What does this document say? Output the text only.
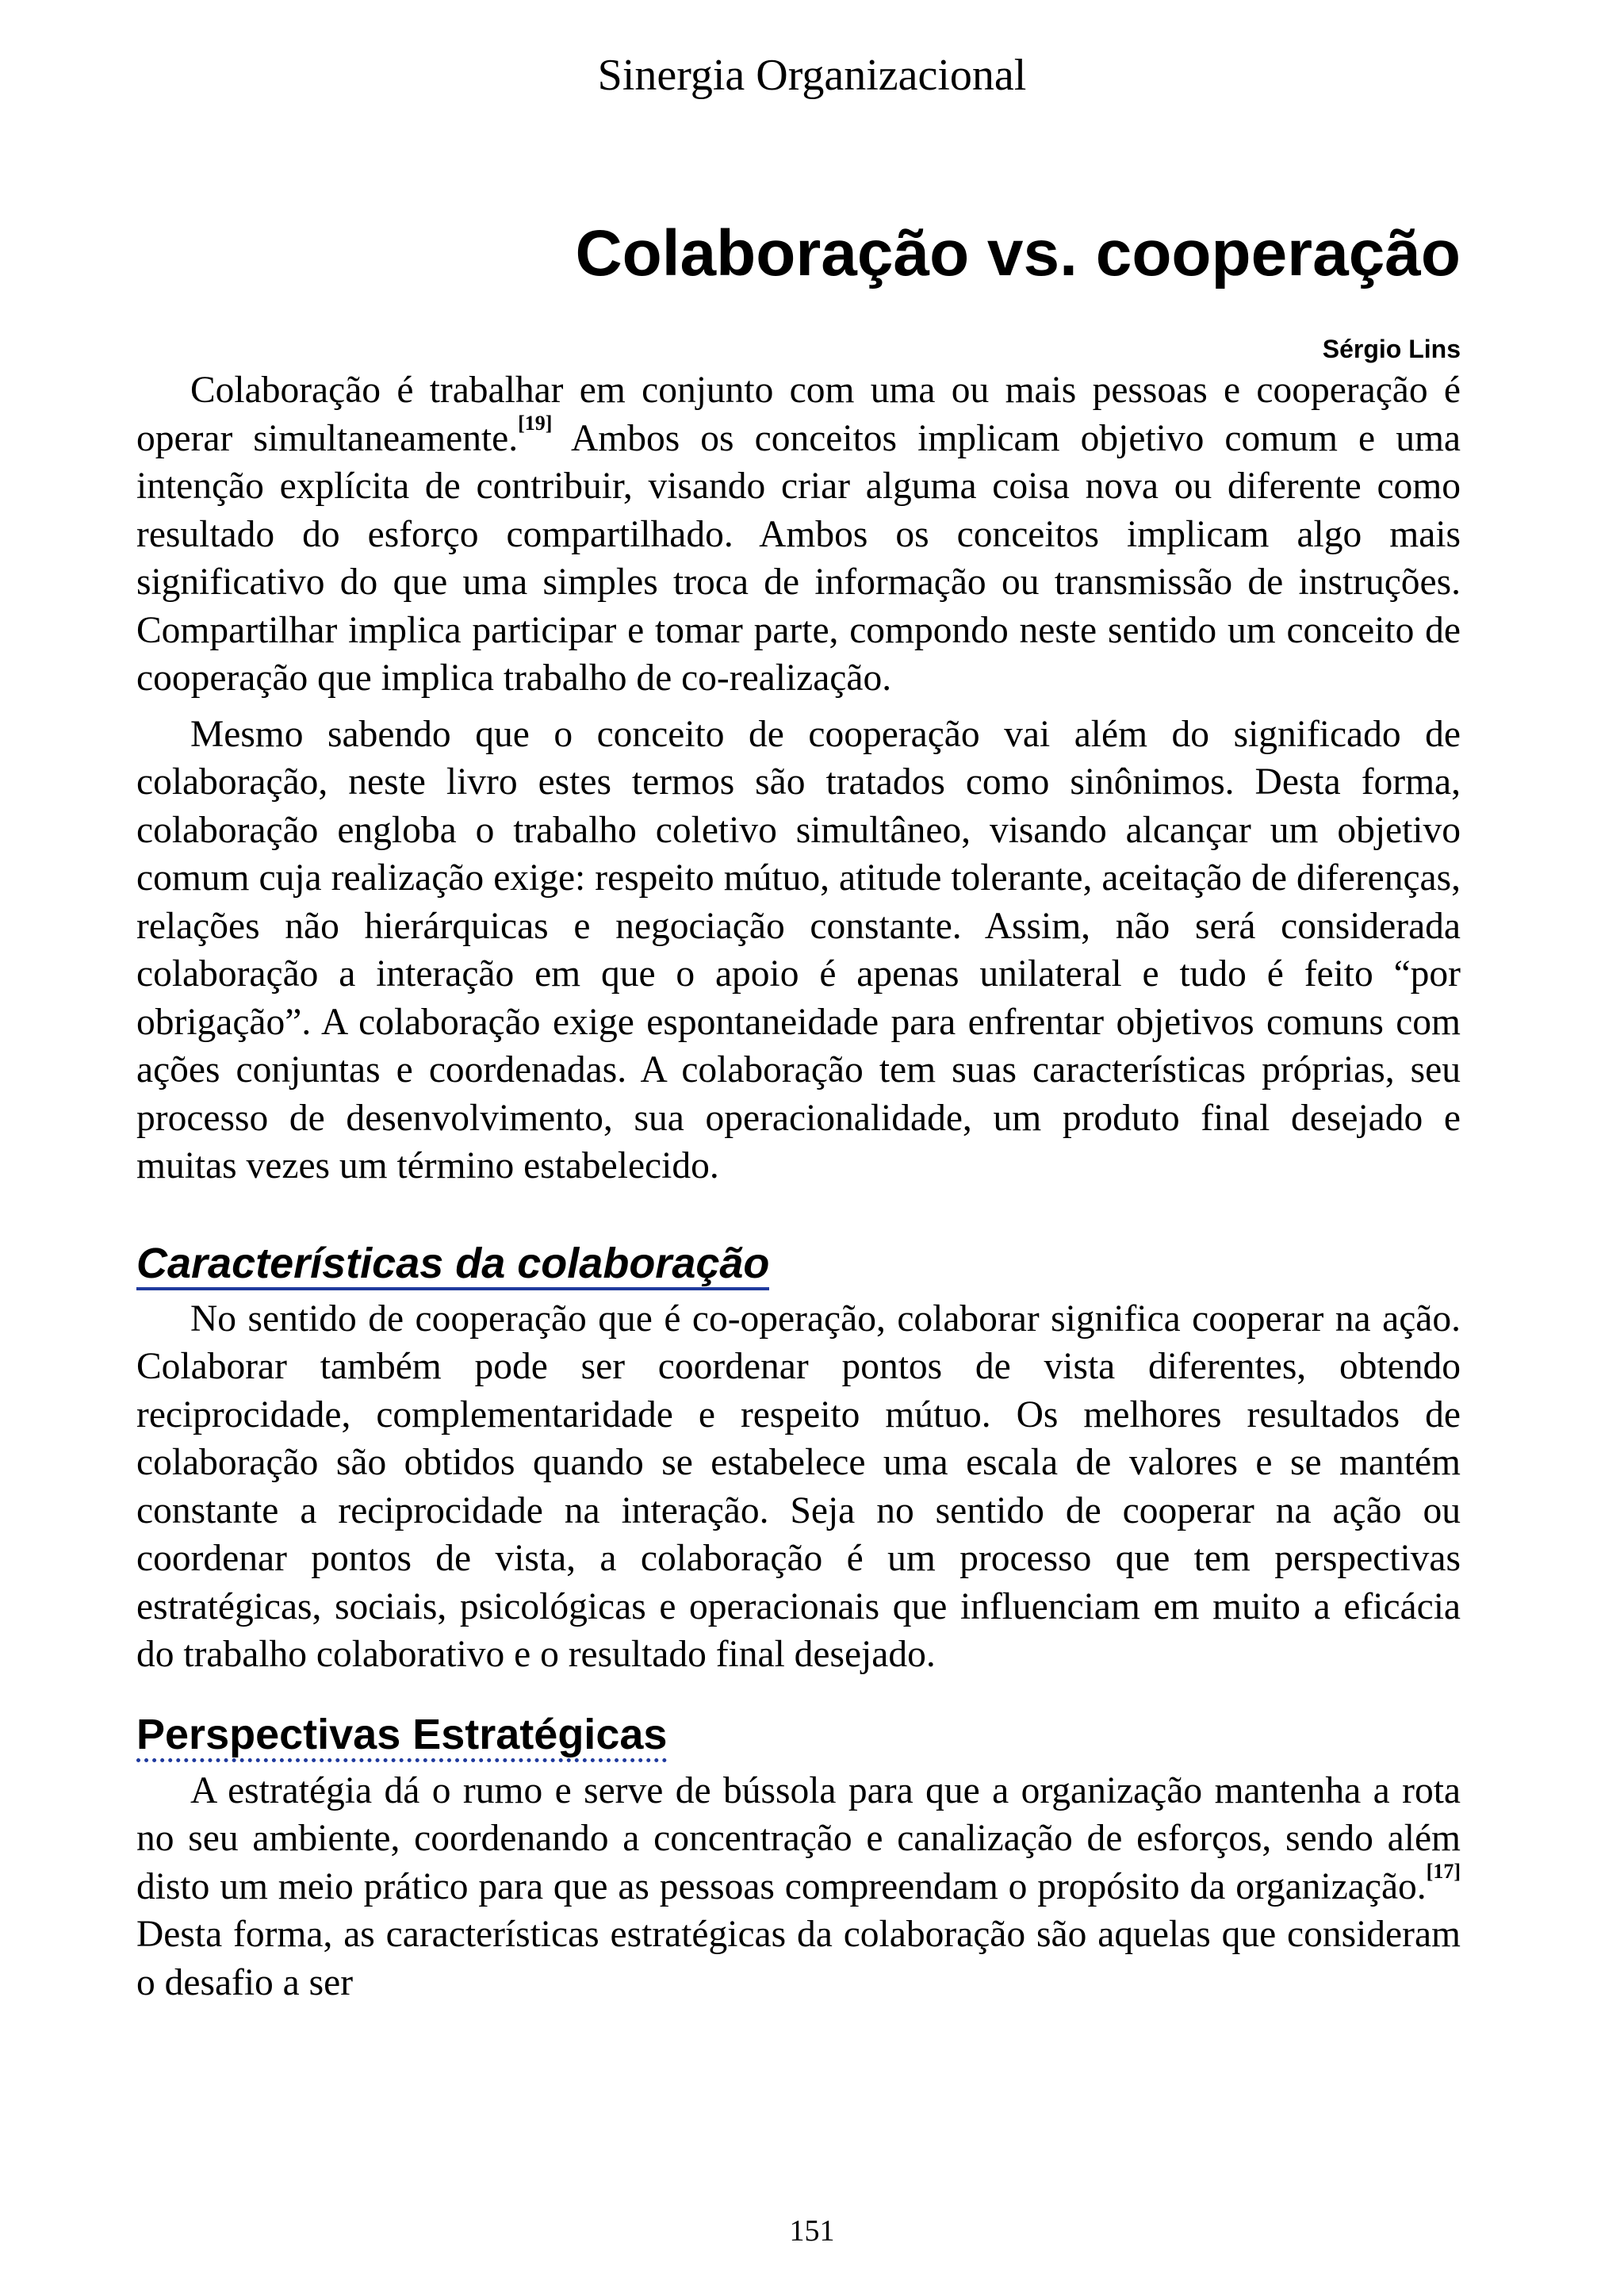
Sinergia Organizacional
Colaboração vs. cooperação
Sérgio Lins

Colaboração é trabalhar em conjunto com uma ou mais pessoas e cooperação é operar simultaneamente.[19] Ambos os conceitos implicam objetivo comum e uma intenção explícita de contribuir, visando criar alguma coisa nova ou diferente como resultado do esforço compartilhado. Ambos os conceitos implicam algo mais significativo do que uma simples troca de informação ou transmissão de instruções. Compartilhar implica participar e tomar parte, compondo neste sentido um conceito de cooperação que implica trabalho de co-realização.

Mesmo sabendo que o conceito de cooperação vai além do significado de colaboração, neste livro estes termos são tratados como sinônimos. Desta forma, colaboração engloba o trabalho coletivo simultâneo, visando alcançar um objetivo comum cuja realização exige: respeito mútuo, atitude tolerante, aceitação de diferenças, relações não hierárquicas e negociação constante. Assim, não será considerada colaboração a interação em que o apoio é apenas unilateral e tudo é feito “por obrigação”. A colaboração exige espontaneidade para enfrentar objetivos comuns com ações conjuntas e coordenadas. A colaboração tem suas características próprias, seu processo de desenvolvimento, sua operacionalidade, um produto final desejado e muitas vezes um término estabelecido.

Características da colaboração

No sentido de cooperação que é co-operação, colaborar significa cooperar na ação. Colaborar também pode ser coordenar pontos de vista diferentes, obtendo reciprocidade, complementaridade e respeito mútuo. Os melhores resultados de colaboração são obtidos quando se estabelece uma escala de valores e se mantém constante a reciprocidade na interação. Seja no sentido de cooperar na ação ou coordenar pontos de vista, a colaboração é um processo que tem perspectivas estratégicas, sociais, psicológicas e operacionais que influenciam em muito a eficácia do trabalho colaborativo e o resultado final desejado.

Perspectivas Estratégicas

A estratégia dá o rumo e serve de bússola para que a organização mantenha a rota no seu ambiente, coordenando a concentração e canalização de esforços, sendo além disto um meio prático para que as pessoas compreendam o propósito da organização.[17] Desta forma, as características estratégicas da colaboração são aquelas que consideram o desafio a ser

151
